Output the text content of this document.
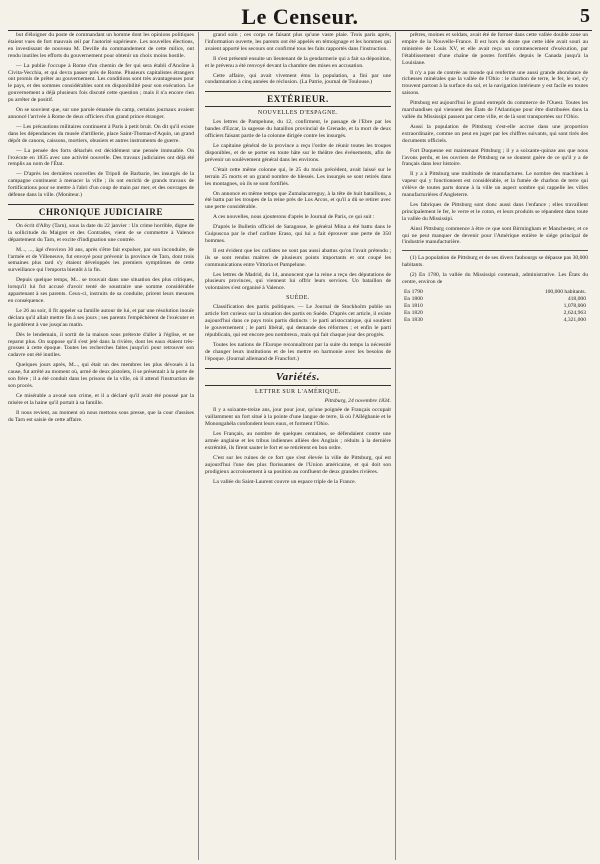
Le Censeur.	5

but d'éloigner du poste de commandant un homme dont les opinions politiques étaient vues de fort mauvais œil par l'autorité supérieure. Les nouvelles élections, en investissant de nouveau M. Deville du commandement de cette milice, ont rendu inutiles les efforts du gouvernement pour obtenir un choix moins hostile.

— La publie l'occupe à Rome d'un chemin de fer qui sera établi d'Ancône à Civita-Vecchia, et qui devra passer près de Rome. Plusieurs capitalistes étrangers ont promis de prêter au gouvernement. Les conditions sont très avantageuses pour le pays, et des sommes considérables sont en disponibilité pour son exécution. Le gouvernement a déjà plusieurs fois discuté cette question ; mais il n'a encore rien pu arrêter de positif.

On se souvient que, sur une parole émanée du camp, certains journaux avaient annoncé l'arrivée à Rome de deux officiers d'un grand prince étranger.

— Les précautions militaires continuent à Paris à petit bruit. On dit qu'il existe dans les dépendances du musée d'artillerie, place Saint-Thomas-d'Aquin, un grand dépôt de canons, caissons, mortiers, obusiers et autres instruments de guerre.

— La pensée des forts détachés est décidément une pensée immuable. On l'exécute en 1835 avec une activité nouvelle. Des travaux judiciaires ont déjà été remplis au nom de l'État.

— D'après les dernières nouvelles de Tripoli de Barbarie, les insurgés de la campagne continuent à menacer la ville ; ils ont enrichi de grands travaux de fortifications pour se mettre à l'abri d'un coup de main par mer, et des ouvrages de défense dans la ville. (Moniteur.)

CHRONIQUE JUDICIAIRE

On écrit d'Alby (Tarn), sous la date du 22 janvier : Un crime horrible, digne de la sollicitude du Maigret et des Contrades, vient de se commettre à Valence département du Tarn, et excite d'indignation une contrée.

M..., ..., âgé d'environ 30 ans, après s'être fait expulser, par son inconduite, de l'armée et de Villeneuve, fut envoyé pour prévenir la province de Tarn, dont trois semaines plus tard s'y étaient développés les premiers symptômes de cette surveillance qui l'emporta bientôt à la fin.

Depuis quelque temps, M... se trouvait dans une situation des plus critiques, lorsqu'il lui fut accusé d'avoir tenté de soustraire une somme considérable appartenant à ses parents. Ceux-ci, instruits de sa conduite, prirent leurs mesures en conséquence.

Le 26 au soir, il fit appeler sa famille autour de lui, et par une résolution inouïe déclara qu'il allait mettre fin à ses jours ; ses parents l'empêchèrent de l'exécuter et le gardèrent à vue jusqu'au matin.

Dès le lendemain, il sortit de la maison sous prétexte d'aller à l'église, et ne reparut plus. On suppose qu'il s'est jeté dans la rivière, dont les eaux étaient très-grosses à cette époque. Toutes les recherches faites jusqu'ici pour retrouver son cadavre ont été inutiles.

Quelques jours après, M..., qui était un des membres les plus dévoués à la cause, fut arrêté au moment où, armé de deux pistolets, il se présentait à la porte de son frère ; il a été conduit dans les prisons de la ville, où il attend l'instruction de son procès.

Ce misérable a avoué son crime, et il a déclaré qu'il avait été poussé par la misère et la haine qu'il portait à sa famille.

Il nous revient, au moment où nous mettons sous presse, que la cour d'assises du Tarn est saisie de cette affaire.

grand soin ; ces corps ne faisant plus qu'une vaste plaie. Trois paris après, l'information ouverte, les parents ont été appelés en témoignage et les hommes qui avaient apporté les secours ont confirmé tous les faits rapportés dans l'instruction.

Il s'est présenté ensuite un lieutenant de la gendarmerie qui a fait sa déposition, et le prévenu a été renvoyé devant la chambre des mises en accusation.

Cette affaire, qui avait vivement ému la population, a fini par une condamnation à cinq années de réclusion. (La Patrie, journal de Toulouse.)

EXTÉRIEUR.
NOUVELLES D'ESPAGNE.

Les lettres de Pampelune, du 12, confirment, le passage de l'Ebre par les bandes d'Ezcar, la sagesse du bataillon provincial de Grenade, et la mort de deux officiers faisant partie de la colonne dirigée contre les insurgés.

Le capitaine général de la province a reçu l'ordre de réunir toutes les troupes disponibles, et de se porter en toute hâte sur le théâtre des événements, afin de prévenir un soulèvement général dans les environs.

C'était cette même colonne qui, le 25 du mois précédent, avait laissé sur le terrain 25 morts et un grand nombre de blessés. Les insurgés se sont retirés dans les montagnes, où ils se sont fortifiés.

On annonce en même temps que Zumalacarreguy, à la tête de huit bataillons, a été battu par les troupes de la reine près de Los Arcos, et qu'il a dû se retirer avec une perte considérable.

A ces nouvelles, nous ajouterons d'après le Journal de Paris, ce qui suit :

D'après le Bulletin officiel de Saragosse, le général Mina a été battu dans le Guipuscoa par le chef carliste Eraso, qui lui a fait éprouver une perte de 350 hommes.

Il est évident que les carlistes ne sont pas aussi abattus qu'on l'avait prétendu ; ils se sont rendus maîtres de plusieurs points importants et ont coupé les communications entre Vittoria et Pampelune.

Les lettres de Madrid, du 14, annoncent que la reine a reçu des députations de plusieurs provinces, qui viennent lui offrir leurs services. Un bataillon de volontaires s'est organisé à Valence.

SUÈDE.

Classification des partis politiques. — Le Journal de Stockholm publie un article fort curieux sur la situation des partis en Suède. D'après cet article, il existe aujourd'hui dans ce pays trois partis distincts : le parti aristocratique, qui soutient le gouvernement ; le parti libéral, qui demande des réformes ; et enfin le parti républicain, qui est encore peu nombreux, mais qui fait chaque jour des progrès.

Toutes les nations de l'Europe reconnaîtront par la suite du temps la nécessité de changer leurs institutions et de les mettre en harmonie avec les besoins de l'époque. (Journal allemand de Francfort.)

Variétés.
LETTRE SUR L'AMÉRIQUE.
Pittsburg, 24 novembre 1834.

Il y a soixante-treize ans, jour pour jour, qu'une poignée de Français occupait vaillamment un fort situé à la pointe d'une langue de terre, là où l'Alléghanie et le Monongahéla confondent leurs eaux, et forment l'Ohio.

Les Français, au nombre de quelques centaines, se défendaient contre une armée anglaise et les tribus indiennes alliées des Anglais ; réduits à la dernière extrémité, ils firent sauter le fort et se retirèrent en bon ordre.

C'est sur les ruines de ce fort que s'est élevée la ville de Pittsburg, qui est aujourd'hui l'une des plus florissantes de l'Union américaine, et qui doit son prodigieux accroissement à sa position au confluent de deux grandes rivières.

La vallée du Saint-Laurent couvre un espace triple de la France.

prêtres, moines et soldats, avait été de former dans cette vallée double zone un empire de la Nouvelle-France. Il est hors de doute que cette idée avait souri au ministère de Louis XV, et elle avait reçu un commencement d'exécution, par l'établissement d'une chaîne de postes fortifiés depuis le Canada jusqu'à la Louisiane.

Il n'y a pas de contrée au monde qui renferme une aussi grande abondance de richesses minérales que la vallée de l'Ohio : le charbon de terre, le fer, le sel, s'y trouvent partout à la surface du sol, et la navigation intérieure y est facile en toutes saisons.

Pittsburg est aujourd'hui le grand entrepôt du commerce de l'Ouest. Toutes les marchandises qui viennent des États de l'Atlantique pour être distribuées dans la vallée du Mississipi passent par cette ville, et de là sont transportées sur l'Ohio.

Aussi la population de Pittsburg s'est-elle accrue dans une proportion extraordinaire, comme on peut en juger par les chiffres suivants, qui sont tirés des documents officiels.

Fort Duquesne est maintenant Pittsburg ; il y a soixante-quinze ans que nous l'avons perdu, et les ouvriers de Pittsburg ne se doutent guère de ce qu'il y a de français dans leur histoire.

Il y a à Pittsburg une multitude de manufactures. Le nombre des machines à vapeur qui y fonctionnent est considérable, et la fumée de charbon de terre qui s'élève de toutes parts donne à la ville un aspect sombre qui rappelle les villes manufacturières d'Angleterre.

Les fabriques de Pittsburg sont donc aussi dans l'enfance ; elles travaillent principalement le fer, le verre et le coton, et leurs produits se répandent dans toute la vallée du Mississipi.

Ainsi Pittsburg commence à être ce que sont Birmingham et Manchester, et ce qui ne peut manquer de devenir pour l'Amérique entière le siége principal de l'industrie manufacturière.

(1) La population de Pittsburg et de ses divers faubourgs se dépasse pas 30,000 habitants.

(2) En 1780, la vallée du Mississipi contenait, administrative. Les États du centre, environ de

En 1790	100,000 habitants.
En 1800	418,000
En 1810	1,078,000
En 1820	2,624,963
En 1830	4,321,000
